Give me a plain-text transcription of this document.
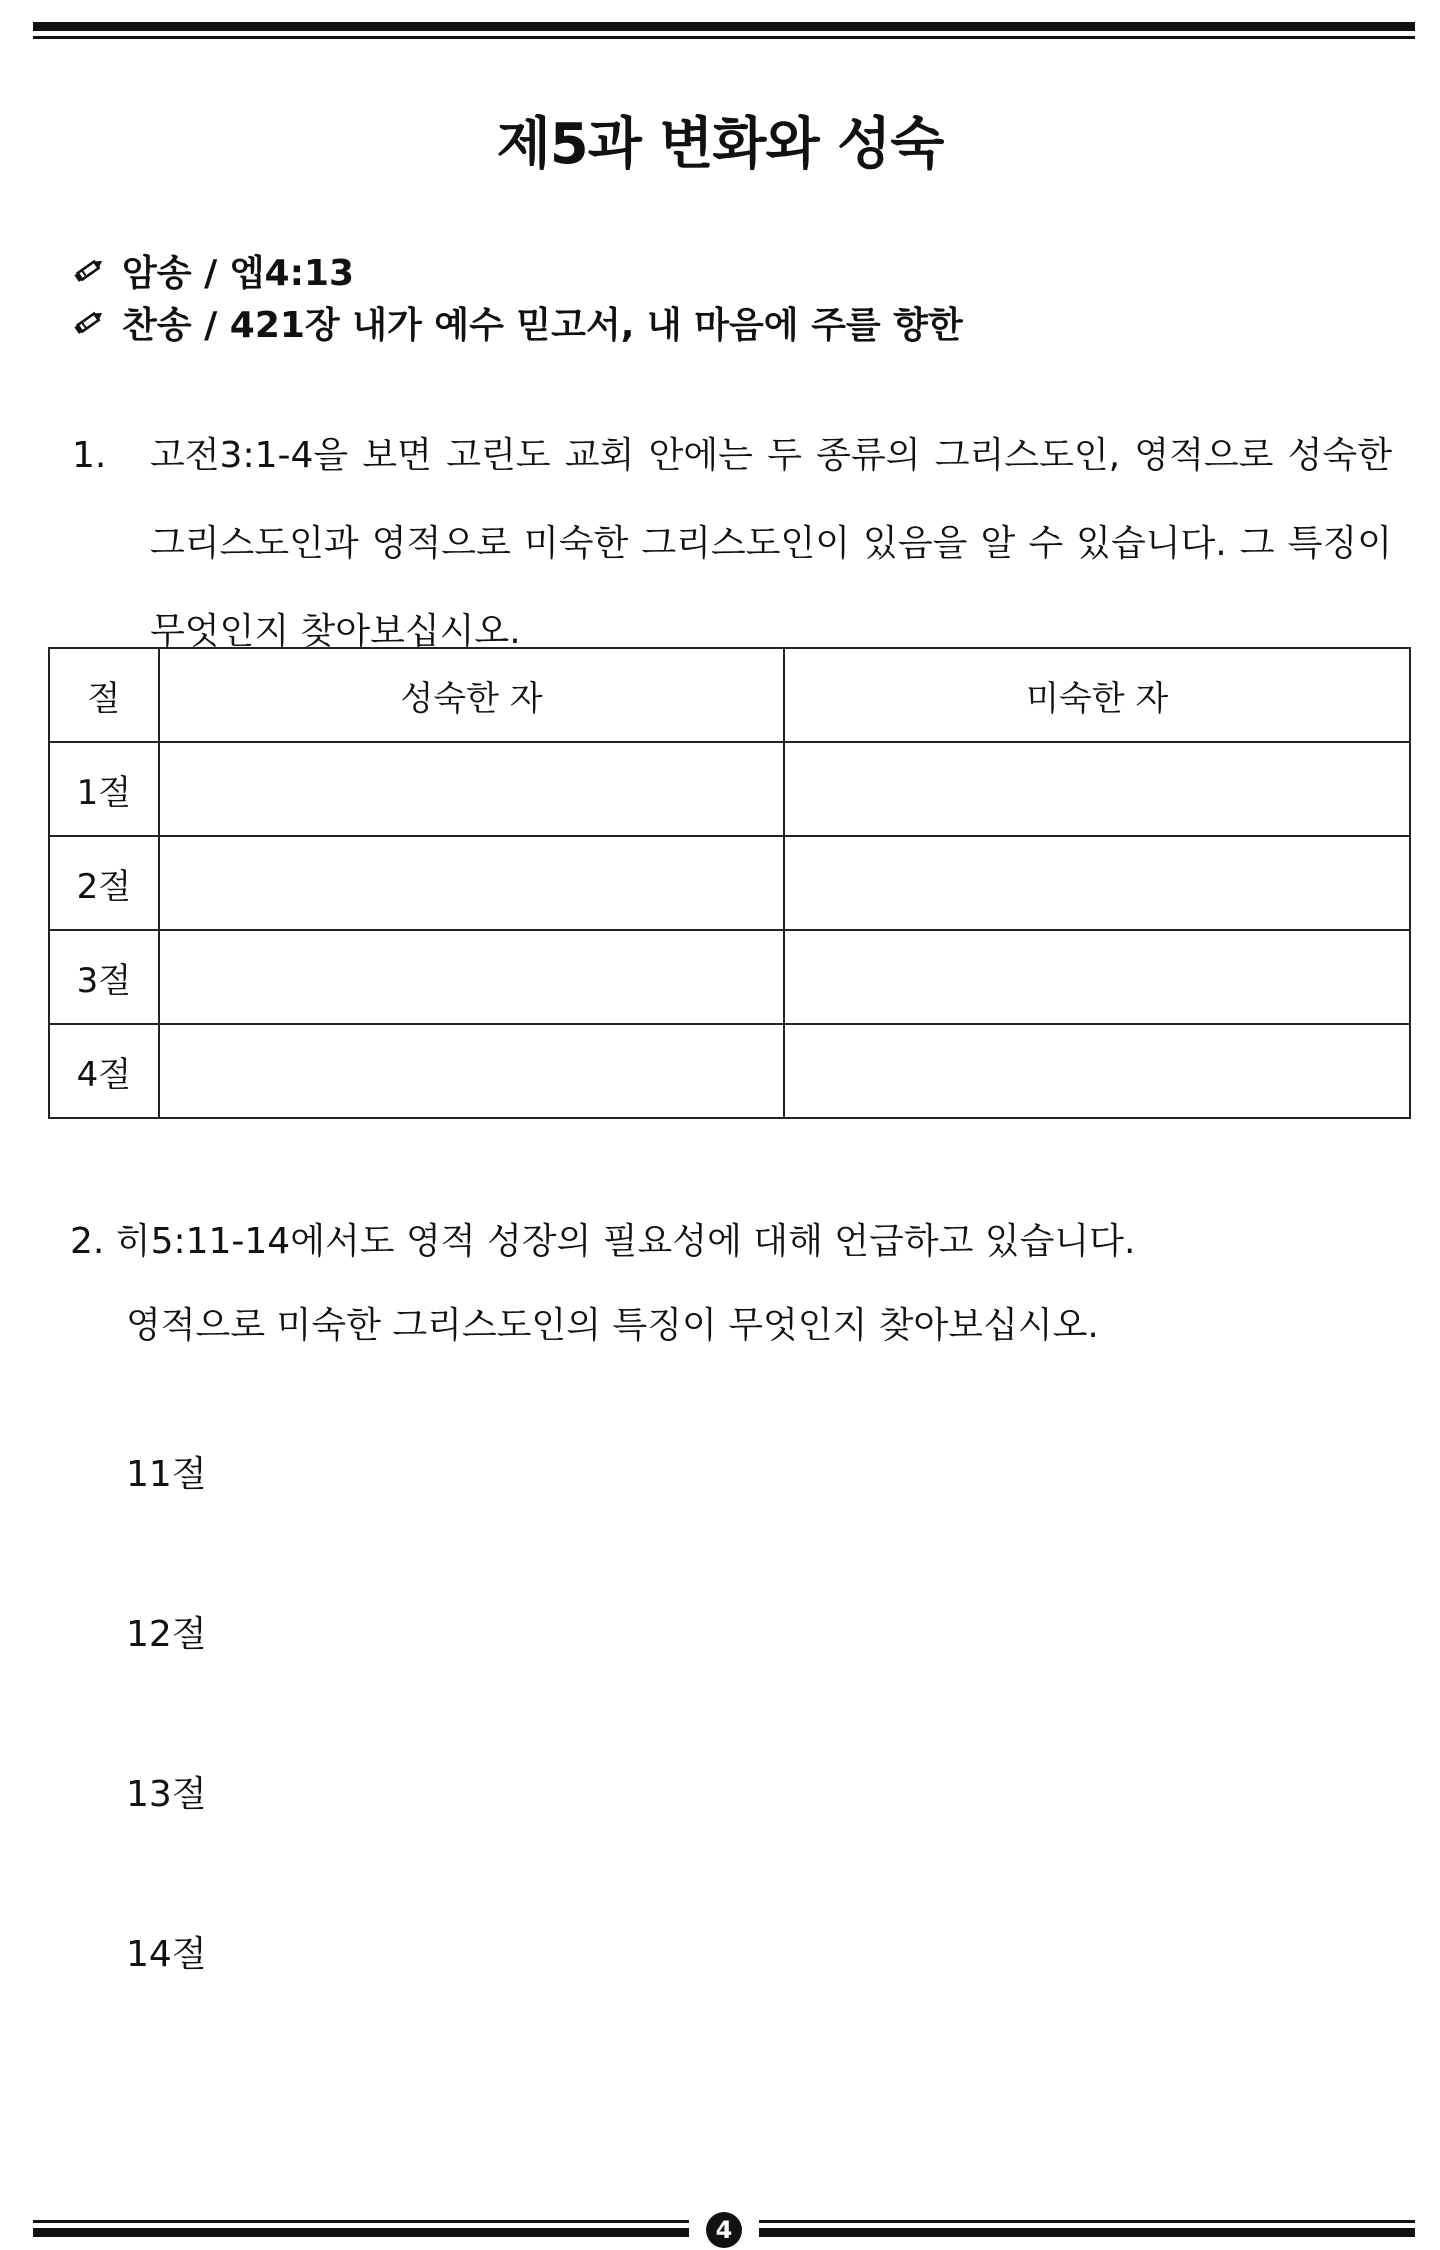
제5과 변화와 성숙
암송 / 엡4:13
찬송 / 421장 내가 예수 믿고서, 내 마음에 주를 향한
1. 고전3:1-4을 보면 고린도 교회 안에는 두 종류의 그리스도인, 영적으로 성숙한 그리스도인과 영적으로 미숙한 그리스도인이 있음을 알 수 있습니다. 그 특징이 무엇인지 찾아보십시오.
절	성숙한 자	미숙한 자
1절		
2절		
3절		
4절		
2. 히5:11-14에서도 영적 성장의 필요성에 대해 언급하고 있습니다.
영적으로 미숙한 그리스도인의 특징이 무엇인지 찾아보십시오.
11절
12절
13절
14절
4
